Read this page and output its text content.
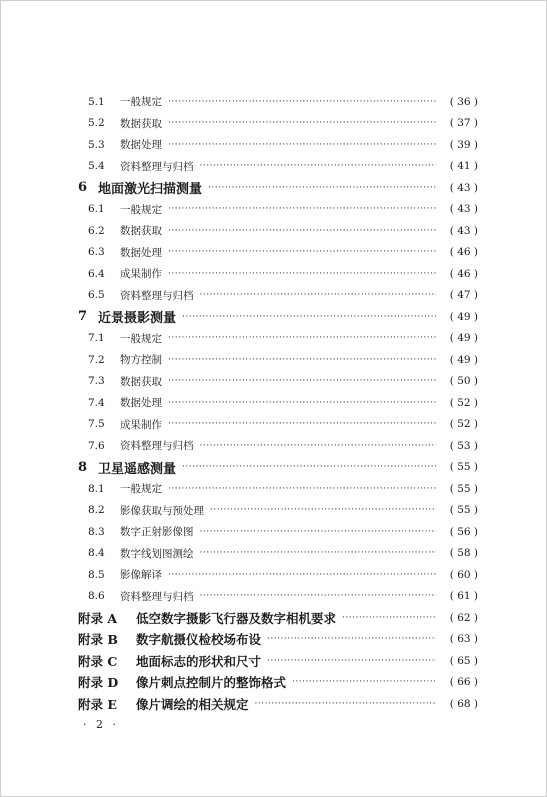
5.1	一般规定 ·····	( 36 )
5.2	数据获取 ·····	( 37 )
5.3	数据处理 ·····	( 39 )
5.4	资料整理与归档 ·····	( 41 )
6 地面激光扫描测量 ·····	( 43 )
6.1	一般规定 ·····	( 43 )
6.2	数据获取 ·····	( 43 )
6.3	数据处理 ·····	( 46 )
6.4	成果制作 ·····	( 46 )
6.5	资料整理与归档 ·····	( 47 )
7 近景摄影测量 ·····	( 49 )
7.1	一般规定 ·····	( 49 )
7.2	物方控制 ·····	( 49 )
7.3	数据获取 ·····	( 50 )
7.4	数据处理 ·····	( 52 )
7.5	成果制作 ·····	( 52 )
7.6	资料整理与归档 ·····	( 53 )
8 卫星遥感测量 ·····	( 55 )
8.1	一般规定 ·····	( 55 )
8.2	影像获取与预处理 ·····	( 55 )
8.3	数字正射影像图 ·····	( 56 )
8.4	数字线划图测绘 ·····	( 58 )
8.5	影像解译 ·····	( 60 )
8.6	资料整理与归档 ·····	( 61 )
附录 A	低空数字摄影飞行器及数字相机要求 ·····	( 62 )
附录 B	数字航摄仪检校场布设 ·····	( 63 )
附录 C	地面标志的形状和尺寸 ·····	( 65 )
附录 D	像片刺点控制片的整饰格式 ·····	( 66 )
附录 E	像片调绘的相关规定 ·····	( 68 )
· 2 ·
